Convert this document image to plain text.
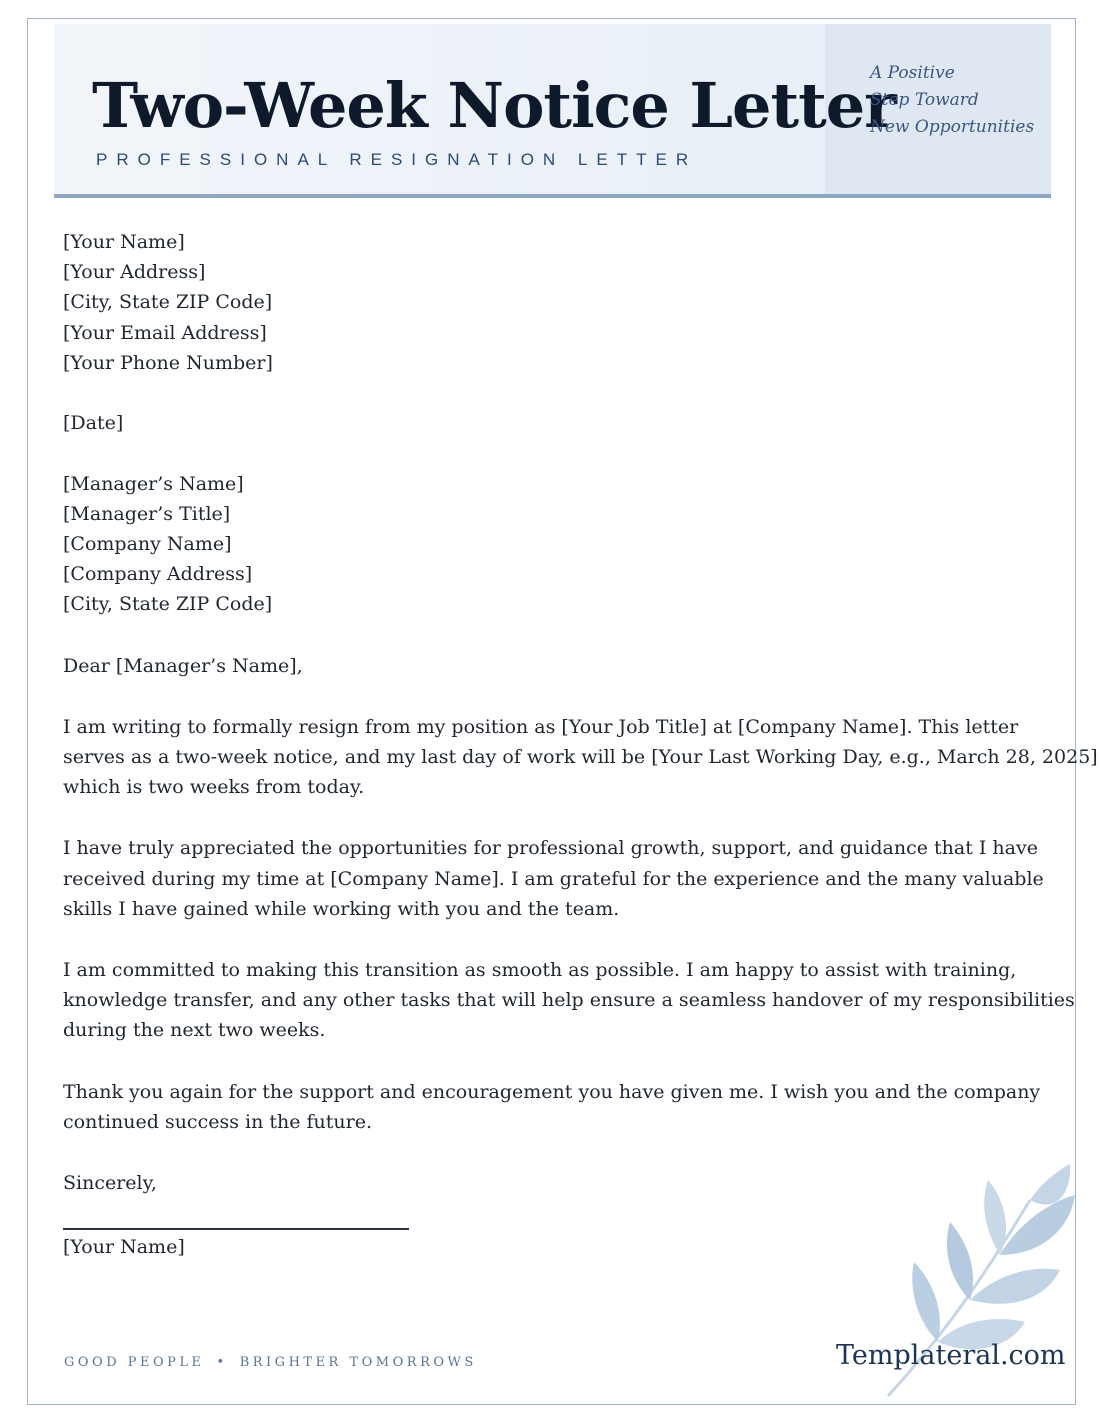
Two-Week Notice Letter
PROFESSIONAL RESIGNATION LETTER
A Positive
Step Toward
New Opportunities
[Your Name]
[Your Address]
[City, State ZIP Code]
[Your Email Address]
[Your Phone Number]
[Date]
[Manager’s Name]
[Manager’s Title]
[Company Name]
[Company Address]
[City, State ZIP Code]
Dear [Manager’s Name],
I am writing to formally resign from my position as [Your Job Title] at [Company Name]. This letter
serves as a two-week notice, and my last day of work will be [Your Last Working Day, e.g., March 28, 2025]
which is two weeks from today.
I have truly appreciated the opportunities for professional growth, support, and guidance that I have
received during my time at [Company Name]. I am grateful for the experience and the many valuable
skills I have gained while working with you and the team.
I am committed to making this transition as smooth as possible. I am happy to assist with training,
knowledge transfer, and any other tasks that will help ensure a seamless handover of my responsibilities
during the next two weeks.
Thank you again for the support and encouragement you have given me. I wish you and the company
continued success in the future.
Sincerely,
[Your Name]
GOOD PEOPLE • BRIGHTER TOMORROWS	Templateral.com
